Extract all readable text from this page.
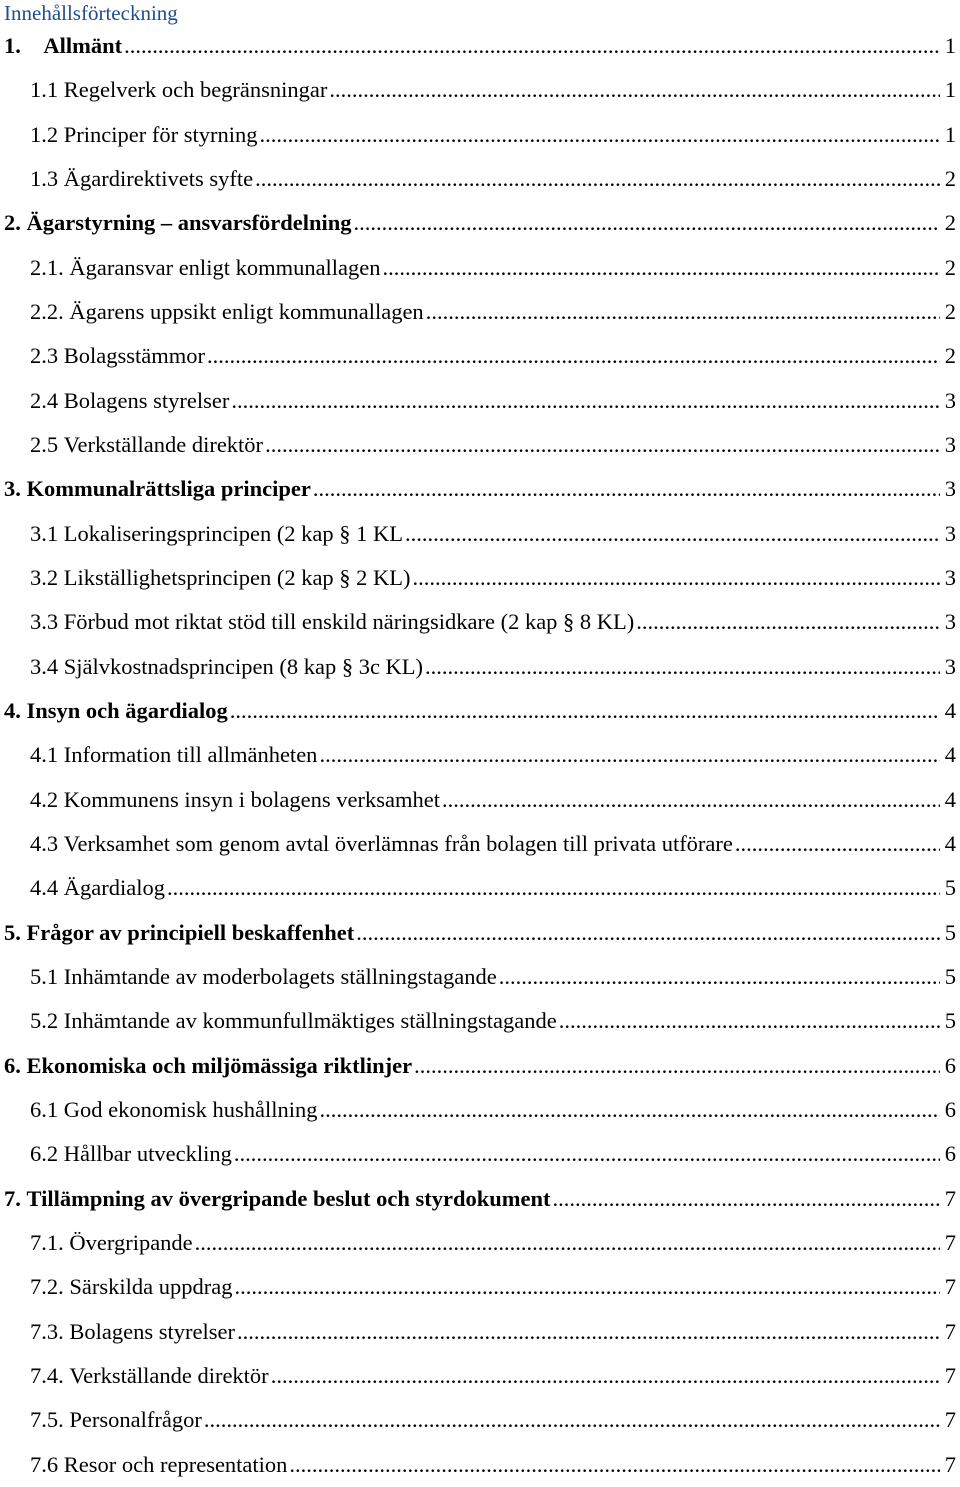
Innehållsförteckning
1. Allmänt .....	1
1.1 Regelverk och begränsningar .....	1
1.2 Principer för styrning .....	1
1.3 Ägardirektivets syfte .....	2
2. Ägarstyrning – ansvarsfördelning .....	2
2.1. Ägaransvar enligt kommunallagen .....	2
2.2. Ägarens uppsikt enligt kommunallagen .....	2
2.3 Bolagsstämmor .....	2
2.4 Bolagens styrelser .....	3
2.5 Verkställande direktör .....	3
3. Kommunalrättsliga principer .....	3
3.1 Lokaliseringsprincipen (2 kap § 1 KL .....	3
3.2 Likställighetsprincipen (2 kap § 2 KL) .....	3
3.3 Förbud mot riktat stöd till enskild näringsidkare (2 kap § 8 KL) .....	3
3.4 Självkostnadsprincipen (8 kap § 3c KL) .....	3
4. Insyn och ägardialog .....	4
4.1 Information till allmänheten .....	4
4.2 Kommunens insyn i bolagens verksamhet .....	4
4.3 Verksamhet som genom avtal överlämnas från bolagen till privata utförare .....	4
4.4 Ägardialog .....	5
5. Frågor av principiell beskaffenhet .....	5
5.1 Inhämtande av moderbolagets ställningstagande .....	5
5.2 Inhämtande av kommunfullmäktiges ställningstagande .....	5
6. Ekonomiska och miljömässiga riktlinjer .....	6
6.1 God ekonomisk hushållning .....	6
6.2 Hållbar utveckling .....	6
7. Tillämpning av övergripande beslut och styrdokument .....	7
7.1. Övergripande .....	7
7.2. Särskilda uppdrag .....	7
7.3. Bolagens styrelser .....	7
7.4. Verkställande direktör .....	7
7.5. Personalfrågor .....	7
7.6 Resor och representation .....	7
